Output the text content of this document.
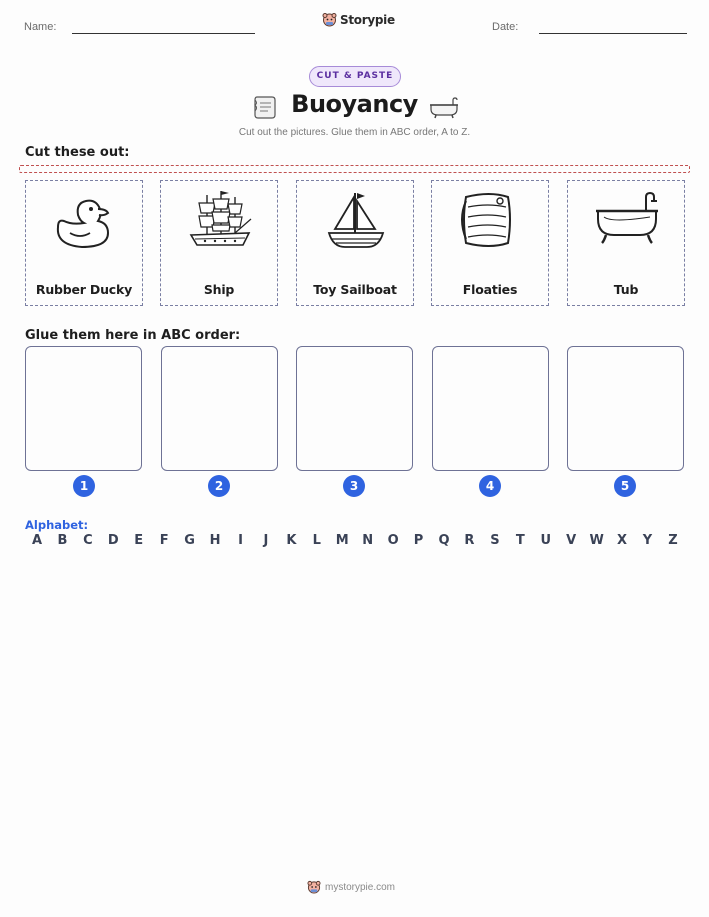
Name:
Storypie
Date:
CUT & PASTE
Buoyancy
Cut out the pictures. Glue them in ABC order, A to Z.
Cut these out:
Rubber Ducky	Ship	Toy Sailboat	Floaties	Tub
Glue them here in ABC order:
1	2	3	4	5
Alphabet:
A	B	C	D	E	F	G	H	I	J	K	L	M	N	O	P	Q	R	S	T	U	V	W	X	Y	Z
mystorypie.com
